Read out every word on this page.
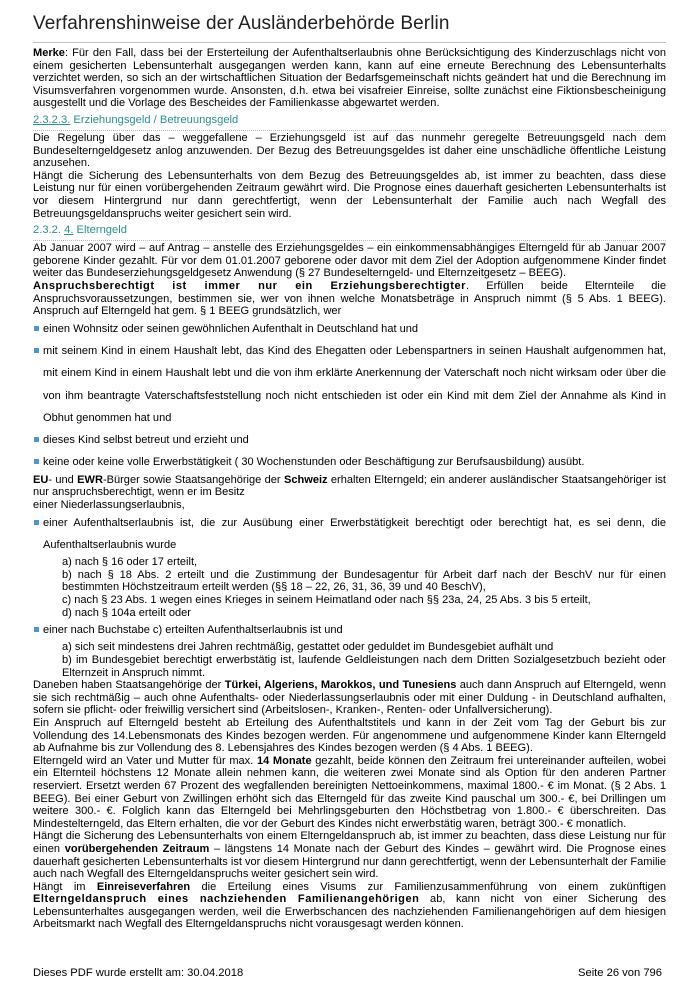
Verfahrenshinweise der Ausländerbehörde Berlin

Merke: Für den Fall, dass bei der Ersterteilung der Aufenthaltserlaubnis ohne Berücksichtigung des Kinderzuschlags nicht von einem gesicherten Lebensunterhalt ausgegangen werden kann, kann auf eine erneute Berechnung des Lebensunterhalts verzichtet werden, so sich an der wirtschaftlichen Situation der Bedarfsgemeinschaft nichts geändert hat und die Berechnung im Visumsverfahren vorgenommen wurde. Ansonsten, d.h. etwa bei visafreier Einreise, sollte zunächst eine Fiktionsbescheinigung ausgestellt und die Vorlage des Bescheides der Familienkasse abgewartet werden.

2.3.2.3. Erziehungsgeld / Betreuungsgeld

Die Regelung über das – weggefallene – Erziehungsgeld ist auf das nunmehr geregelte Betreuungsgeld nach dem Bundeselterngeldgesetz anlog anzuwenden. Der Bezug des Betreuungsgeldes ist daher eine unschädliche öffentliche Leistung anzusehen.

Hängt die Sicherung des Lebensunterhalts von dem Bezug des Betreuungsgeldes ab, ist immer zu beachten, dass diese Leistung nur für einen vorübergehenden Zeitraum gewährt wird. Die Prognose eines dauerhaft gesicherten Lebensunterhalts ist vor diesem Hintergrund nur dann gerechtfertigt, wenn der Lebensunterhalt der Familie auch nach Wegfall des Betreuungsgeldanspruchs weiter gesichert sein wird.

2.3.2. 4. Elterngeld

Ab Januar 2007 wird – auf Antrag – anstelle des Erziehungsgeldes – ein einkommensabhängiges Elterngeld für ab Januar 2007 geborene Kinder gezahlt. Für vor dem 01.01.2007 geborene oder davor mit dem Ziel der Adoption aufgenommene Kinder findet weiter das Bundeserziehungsgeldgesetz Anwendung (§ 27 Bundeselterngeld- und Elternzeitgesetz – BEEG).

Anspruchsberechtigt ist immer nur ein Erziehungsberechtigter. Erfüllen beide Elternteile die Anspruchsvoraussetzungen, bestimmen sie, wer von ihnen welche Monatsbeträge in Anspruch nimmt (§ 5 Abs. 1 BEEG). Anspruch auf Elterngeld hat gem. § 1 BEEG grundsätzlich, wer

einen Wohnsitz oder seinen gewöhnlichen Aufenthalt in Deutschland hat und
mit seinem Kind in einem Haushalt lebt, das Kind des Ehegatten oder Lebenspartners in seinen Haushalt aufgenommen hat, mit einem Kind in einem Haushalt lebt und die von ihm erklärte Anerkennung der Vaterschaft noch nicht wirksam oder über die von ihm beantragte Vaterschaftsfeststellung noch nicht entschieden ist oder ein Kind mit dem Ziel der Annahme als Kind in Obhut genommen hat und
dieses Kind selbst betreut und erzieht und
keine oder keine volle Erwerbstätigkeit ( 30 Wochenstunden oder Beschäftigung zur Berufsausbildung) ausübt.

EU- und EWR-Bürger sowie Staatsangehörige der Schweiz erhalten Elterngeld; ein anderer ausländischer Staatsangehöriger ist nur anspruchsberechtigt, wenn er im Besitz

einer Niederlassungserlaubnis,

einer Aufenthaltserlaubnis ist, die zur Ausübung einer Erwerbstätigkeit berechtigt oder berechtigt hat, es sei denn, die Aufenthaltserlaubnis wurde

a) nach § 16 oder 17 erteilt,

b) nach § 18 Abs. 2 erteilt und die Zustimmung der Bundesagentur für Arbeit darf nach der BeschV nur für einen bestimmten Höchstzeitraum erteilt werden (§§ 18 – 22, 26, 31, 36, 39 und 40 BeschV),

c) nach § 23 Abs. 1 wegen eines Krieges in seinem Heimatland oder nach §§ 23a, 24, 25 Abs. 3 bis 5 erteilt,

d) nach § 104a erteilt oder

einer nach Buchstabe c) erteilten Aufenthaltserlaubnis ist und

a) sich seit mindestens drei Jahren rechtmäßig, gestattet oder geduldet im Bundesgebiet aufhält und

b) im Bundesgebiet berechtigt erwerbstätig ist, laufende Geldleistungen nach dem Dritten Sozialgesetzbuch bezieht oder Elternzeit in Anspruch nimmt.

Daneben haben Staatsangehörige der Türkei, Algeriens, Marokkos, und Tunesiens auch dann Anspruch auf Elterngeld, wenn sie sich rechtmäßig – auch ohne Aufenthalts- oder Niederlassungserlaubnis oder mit einer Duldung - in Deutschland aufhalten, sofern sie pflicht- oder freiwillig versichert sind (Arbeitslosen-, Kranken-, Renten- oder Unfallversicherung).

Ein Anspruch auf Elterngeld besteht ab Erteilung des Aufenthaltstitels und kann in der Zeit vom Tag der Geburt bis zur Vollendung des 14.Lebensmonats des Kindes bezogen werden. Für angenommene und aufgenommene Kinder kann Elterngeld ab Aufnahme bis zur Vollendung des 8. Lebensjahres des Kindes bezogen werden (§ 4 Abs. 1 BEEG).

Elterngeld wird an Vater und Mutter für max. 14 Monate gezahlt, beide können den Zeitraum frei untereinander aufteilen, wobei ein Elternteil höchstens 12 Monate allein nehmen kann, die weiteren zwei Monate sind als Option für den anderen Partner reserviert. Ersetzt werden 67 Prozent des wegfallenden bereinigten Nettoeinkommens, maximal 1800.- € im Monat. (§ 2 Abs. 1 BEEG). Bei einer Geburt von Zwillingen erhöht sich das Elterngeld für das zweite Kind pauschal um 300.- €, bei Drillingen um weitere 300.- €. Folglich kann das Elterngeld bei Mehrlingsgeburten den Höchstbetrag von 1.800.- € überschreiten. Das Mindestelterngeld, das Eltern erhalten, die vor der Geburt des Kindes nicht erwerbstätig waren, beträgt 300.- € monatlich.

Hängt die Sicherung des Lebensunterhalts von einem Elterngeldanspruch ab, ist immer zu beachten, dass diese Leistung nur für einen vorübergehenden Zeitraum – längstens 14 Monate nach der Geburt des Kindes – gewährt wird. Die Prognose eines dauerhaft gesicherten Lebensunterhalts ist vor diesem Hintergrund nur dann gerechtfertigt, wenn der Lebensunterhalt der Familie auch nach Wegfall des Elterngeldanspruchs weiter gesichert sein wird.

Hängt im Einreiseverfahren die Erteilung eines Visums zur Familienzusammenführung von einem zukünftigen Elterngeldanspruch eines nachziehenden Familienangehörigen ab, kann nicht von einer Sicherung des Lebensunterhaltes ausgegangen werden, weil die Erwerbschancen des nachziehenden Familienangehörigen auf dem hiesigen Arbeitsmarkt nach Wegfall des Elterngeldanspruchs nicht vorausgesagt werden können.

Dieses PDF wurde erstellt am: 30.04.2018	Seite 26 von 796
